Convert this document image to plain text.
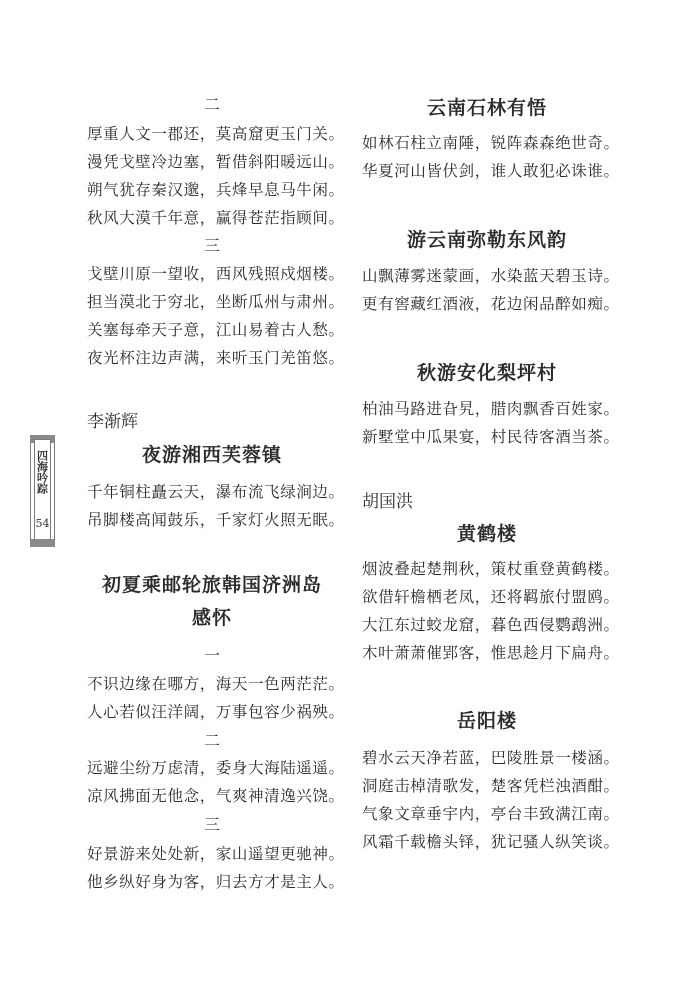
二
厚重人文一郡还，莫高窟更玉门关。
漫凭戈壁冷边塞，暂借斜阳暖远山。
朔气犹存秦汉邈，兵烽早息马牛闲。
秋风大漠千年意，赢得苍茫指顾间。
三
戈壁川原一望收，西风残照戍烟楼。
担当漠北于穷北，坐断瓜州与肃州。
关塞每牵天子意，江山易着古人愁。
夜光杯注边声满，来听玉门羌笛悠。
李渐辉
夜游湘西芙蓉镇
千年铜柱矗云天，瀑布流飞绿涧边。
吊脚楼高闻鼓乐，千家灯火照无眠。
初夏乘邮轮旅韩国济洲岛
感怀
一
不识边缘在哪方，海天一色两茫茫。
人心若似汪洋阔，万事包容少祸殃。
二
远避尘纷万虑清，委身大海陆遥遥。
凉风拂面无他念，气爽神清逸兴饶。
三
好景游来处处新，家山遥望更驰神。
他乡纵好身为客，归去方才是主人。
云南石林有悟
如林石柱立南陲，锐阵森森绝世奇。
华夏河山皆伏剑，谁人敢犯必诛谁。
游云南弥勒东风韵
山飘薄雾迷蒙画，水染蓝天碧玉诗。
更有窖藏红酒液，花边闲品醉如痴。
秋游安化梨坪村
柏油马路进旮旯，腊肉飘香百姓家。
新墅堂中瓜果宴，村民待客酒当茶。
胡国洪
黄鹤楼
烟波叠起楚荆秋，策杖重登黄鹤楼。
欲借轩檐栖老凤，还将羁旅付盟鸥。
大江东过蛟龙窟，暮色西侵鹦鹉洲。
木叶萧萧催郢客，惟思趁月下扁舟。
岳阳楼
碧水云天净若蓝，巴陵胜景一楼涵。
洞庭击棹清歌发，楚客凭栏浊酒酣。
气象文章垂宇内，亭台丰致满江南。
风霜千载檐头铎，犹记骚人纵笑谈。
四海吟踪
54
